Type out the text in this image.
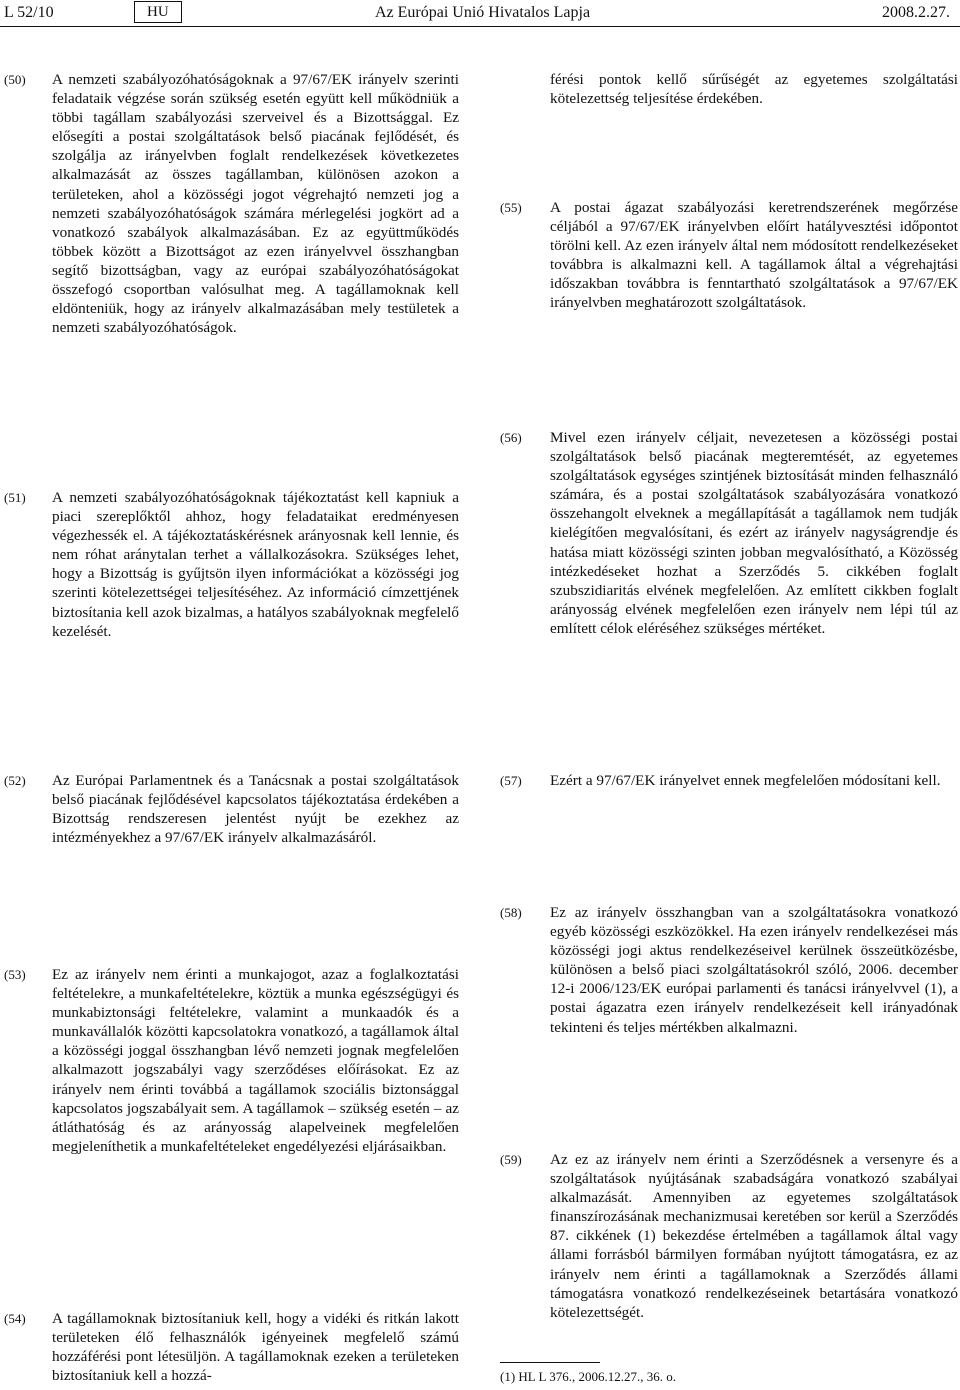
L 52/10	HU	Az Európai Unió Hivatalos Lapja	2008.2.27.
(50)	A nemzeti szabályozóhatóságoknak a 97/67/EK irányelv szerinti feladataik végzése során szükség esetén együtt kell működniük a többi tagállam szabályozási szerveivel és a Bizottsággal. Ez elősegíti a postai szolgáltatások belső piacának fejlődését, és szolgálja az irányelvben foglalt rendelkezések következetes alkalmazását az összes tagállamban, különösen azokon a területeken, ahol a közösségi jogot végrehajtó nemzeti jog a nemzeti szabályozóhatóságok számára mérlegelési jogkört ad a vonatkozó szabályok alkalmazásában. Ez az együttműködés többek között a Bizottságot az ezen irányelvvel összhangban segítő bizottságban, vagy az európai szabályozóhatóságokat összefogó csoportban valósulhat meg. A tagállamoknak kell eldönteniük, hogy az irányelv alkalmazásában mely testületek a nemzeti szabályozóhatóságok.
(51)	A nemzeti szabályozóhatóságoknak tájékoztatást kell kapniuk a piaci szereplőktől ahhoz, hogy feladataikat eredményesen végezhessék el. A tájékoztatáskérésnek arányosnak kell lennie, és nem róhat aránytalan terhet a vállalkozásokra. Szükséges lehet, hogy a Bizottság is gyűjtsön ilyen információkat a közösségi jog szerinti kötelezettségei teljesítéséhez. Az információ címzettjének biztosítania kell azok bizalmas, a hatályos szabályoknak megfelelő kezelését.
(52)	Az Európai Parlamentnek és a Tanácsnak a postai szolgáltatások belső piacának fejlődésével kapcsolatos tájékoztatása érdekében a Bizottság rendszeresen jelentést nyújt be ezekhez az intézményekhez a 97/67/EK irányelv alkalmazásáról.
(53)	Ez az irányelv nem érinti a munkajogot, azaz a foglalkoztatási feltételekre, a munkafeltételekre, köztük a munka egészségügyi és munkabiztonsági feltételekre, valamint a munkaadók és a munkavállalók közötti kapcsolatokra vonatkozó, a tagállamok által a közösségi joggal összhangban lévő nemzeti jognak megfelelően alkalmazott jogszabályi vagy szerződéses előírásokat. Ez az irányelv nem érinti továbbá a tagállamok szociális biztonsággal kapcsolatos jogszabályait sem. A tagállamok – szükség esetén – az átláthatóság és az arányosság alapelveinek megfelelően megjeleníthetik a munkafeltételeket engedélyezési eljárásaikban.
(54)	A tagállamoknak biztosítaniuk kell, hogy a vidéki és ritkán lakott területeken élő felhasználók igényeinek megfelelő számú hozzáférési pont létesüljön. A tagállamoknak ezeken a területeken biztosítaniuk kell a hozzá-
férési pontok kellő sűrűségét az egyetemes szolgáltatási kötelezettség teljesítése érdekében.
(55)	A postai ágazat szabályozási keretrendszerének megőrzése céljából a 97/67/EK irányelvben előírt hatályvesztési időpontot törölni kell. Az ezen irányelv által nem módosított rendelkezéseket továbbra is alkalmazni kell. A tagállamok által a végrehajtási időszakban továbbra is fenntartható szolgáltatások a 97/67/EK irányelvben meghatározott szolgáltatások.
(56)	Mivel ezen irányelv céljait, nevezetesen a közösségi postai szolgáltatások belső piacának megteremtését, az egyetemes szolgáltatások egységes szintjének biztosítását minden felhasználó számára, és a postai szolgáltatások szabályozására vonatkozó összehangolt elveknek a megállapítását a tagállamok nem tudják kielégítően megvalósítani, és ezért az irányelv nagyságrendje és hatása miatt közösségi szinten jobban megvalósítható, a Közösség intézkedéseket hozhat a Szerződés 5. cikkében foglalt szubszidiaritás elvének megfelelően. Az említett cikkben foglalt arányosság elvének megfelelően ezen irányelv nem lépi túl az említett célok eléréséhez szükséges mértéket.
(57)	Ezért a 97/67/EK irányelvet ennek megfelelően módosítani kell.
(58)	Ez az irányelv összhangban van a szolgáltatásokra vonatkozó egyéb közösségi eszközökkel. Ha ezen irányelv rendelkezései más közösségi jogi aktus rendelkezéseivel kerülnek összeütközésbe, különösen a belső piaci szolgáltatásokról szóló, 2006. december 12-i 2006/123/EK európai parlamenti és tanácsi irányelvvel (1), a postai ágazatra ezen irányelv rendelkezéseit kell irányadónak tekinteni és teljes mértékben alkalmazni.
(59)	Az ez az irányelv nem érinti a Szerződésnek a versenyre és a szolgáltatások nyújtásának szabadságára vonatkozó szabályai alkalmazását. Amennyiben az egyetemes szolgáltatások finanszírozásának mechanizmusai keretében sor kerül a Szerződés 87. cikkének (1) bekezdése értelmében a tagállamok által vagy állami forrásból bármilyen formában nyújtott támogatásra, ez az irányelv nem érinti a tagállamoknak a Szerződés állami támogatásra vonatkozó rendelkezéseinek betartására vonatkozó kötelezettségét.
(1) HL L 376., 2006.12.27., 36. o.
